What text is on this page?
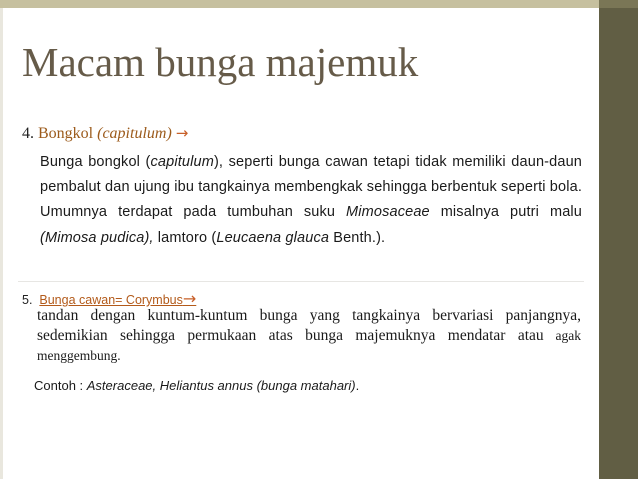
Macam bunga majemuk
4. Bongkol (capitulum) →
Bunga bongkol (capitulum), seperti bunga cawan tetapi tidak memiliki daun-daun pembalut dan ujung ibu tangkainya membengkak sehingga berbentuk seperti bola. Umumnya terdapat pada tumbuhan suku Mimosaceae misalnya putri malu (Mimosa pudica), lamtoro (Leucaena glauca Benth.).
5. Bunga cawan= Corymbus→
tandan dengan kuntum-kuntum bunga yang tangkainya bervariasi panjangnya, sedemikian sehingga permukaan atas bunga majemuknya mendatar atau agak menggembung.
Contoh : Asteraceae, Heliantus annus (bunga matahari).
